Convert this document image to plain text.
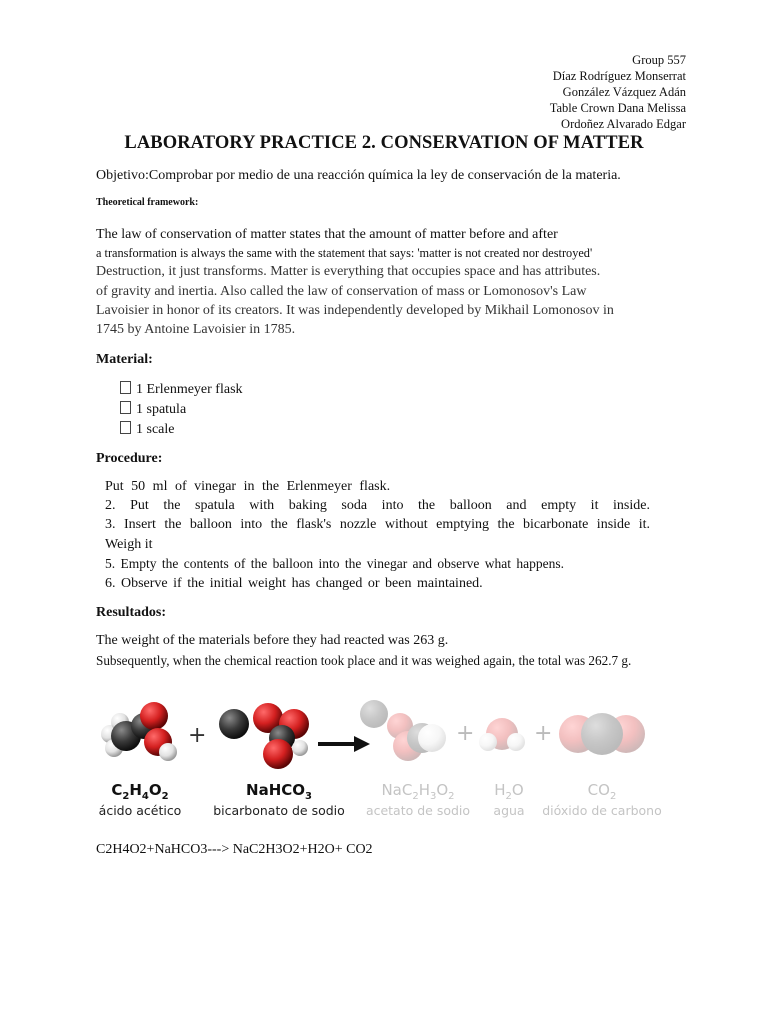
Group 557
Díaz Rodríguez Monserrat
González Vázquez Adán
Table Crown Dana Melissa
Ordoñez Alvarado Edgar
LABORATORY PRACTICE 2. CONSERVATION OF MATTER
Objetivo:Comprobar por medio de una reacción química la ley de conservación de la materia.
Theoretical framework:
The law of conservation of matter states that the amount of matter before and after
a transformation is always the same with the statement that says: 'matter is not created nor destroyed'
Destruction, it just transforms. Matter is everything that occupies space and has attributes.
of gravity and inertia. Also called the law of conservation of mass or Lomonosov's Law
Lavoisier in honor of its creators. It was independently developed by Mikhail Lomonosov in
1745 by Antoine Lavoisier in 1785.
Material:
1 Erlenmeyer flask
1 spatula
1 scale
Procedure:
Put 50 ml of vinegar in the Erlenmeyer flask.
2. Put the spatula with baking soda into the balloon and empty it inside.
3. Insert the balloon into the flask's nozzle without emptying the bicarbonate inside it.
Weigh it
5. Empty the contents of the balloon into the vinegar and observe what happens.
6. Observe if the initial weight has changed or been maintained.
Resultados:
The weight of the materials before they had reacted was 263 g.
Subsequently, when the chemical reaction took place and it was weighed again, the total was 262.7 g.
+	+	+
$C_2H_4O_2$
ácido acético
NaHCO$_3$
bicarbonato de sodio
$NaC_2H_3O_2$
acetato de sodio
$H_2O$
agua
$CO_2$
dióxido de carbono
C2H4O2+NaHCO3---> NaC2H3O2+H2O+ CO2
